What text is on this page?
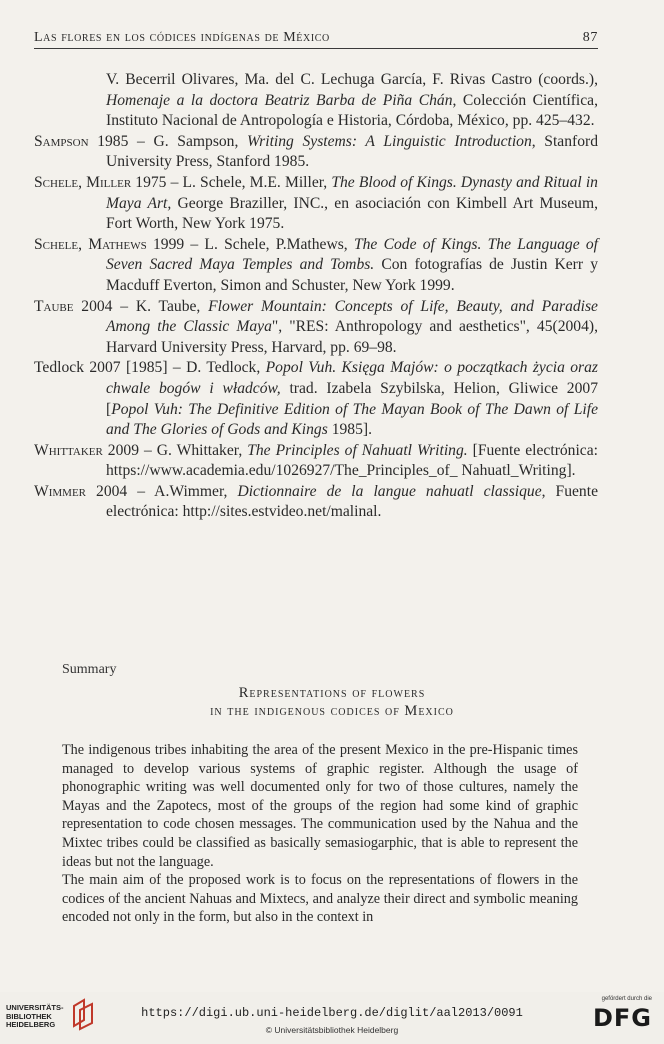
Las flores en los códices indígenas de México	87

V. Becerril Olivares, Ma. del C. Lechuga García, F. Rivas Castro (coords.), Homenaje a la doctora Beatriz Barba de Piña Chán, Colección Científica, Instituto Nacional de Antropología e Historia, Córdoba, México, pp. 425–432.

Sampson 1985 – G. Sampson, Writing Systems: A Linguistic Introduction, Stanford University Press, Stanford 1985.

Schele, Miller 1975 – L. Schele, M.E. Miller, The Blood of Kings. Dynasty and Ritual in Maya Art, George Braziller, INC., en asociación con Kimbell Art Museum, Fort Worth, New York 1975.

Schele, Mathews 1999 – L. Schele, P.Mathews, The Code of Kings. The Language of Seven Sacred Maya Temples and Tombs. Con fotografías de Justin Kerr y Macduff Everton, Simon and Schuster, New York 1999.

Taube 2004 – K. Taube, Flower Mountain: Concepts of Life, Beauty, and Paradise Among the Classic Maya", "RES: Anthropology and aesthetics", 45(2004), Harvard University Press, Harvard, pp. 69–98.

Tedlock 2007 [1985] – D. Tedlock, Popol Vuh. Księga Majów: o początkach życia oraz chwale bogów i władców, trad. Izabela Szybilska, Helion, Gliwice 2007 [Popol Vuh: The Definitive Edition of The Mayan Book of The Dawn of Life and The Glories of Gods and Kings 1985].

Whittaker 2009 – G. Whittaker, The Principles of Nahuatl Writing. [Fuente electrónica: https://www.academia.edu/1026927/The_Principles_of_ Nahuatl_Writing].

Wimmer 2004 – A.Wimmer, Dictionnaire de la langue nahuatl classique, Fuente electrónica: http://sites.estvideo.net/malinal.

Summary
Representations of flowers
in the indigenous codices of Mexico

The indigenous tribes inhabiting the area of the present Mexico in the pre-Hispanic times managed to develop various systems of graphic register. Although the usage of phonographic writing was well documented only for two of those cultures, namely the Mayas and the Zapotecs, most of the groups of the region had some kind of graphic representation to code chosen messages. The communication used by the Nahua and the Mixtec tribes could be classified as basically semasiogarphic, that is able to represent the ideas but not the language.

The main aim of the proposed work is to focus on the representations of flowers in the codices of the ancient Nahuas and Mixtecs, and analyze their direct and symbolic meaning encoded not only in the form, but also in the context in

UNIVERSITÄTS-
BIBLIOTHEK
HEIDELBERG
https://digi.ub.uni-heidelberg.de/diglit/aal2013/0091
© Universitätsbibliothek Heidelberg
gefördert durch die
DFG
